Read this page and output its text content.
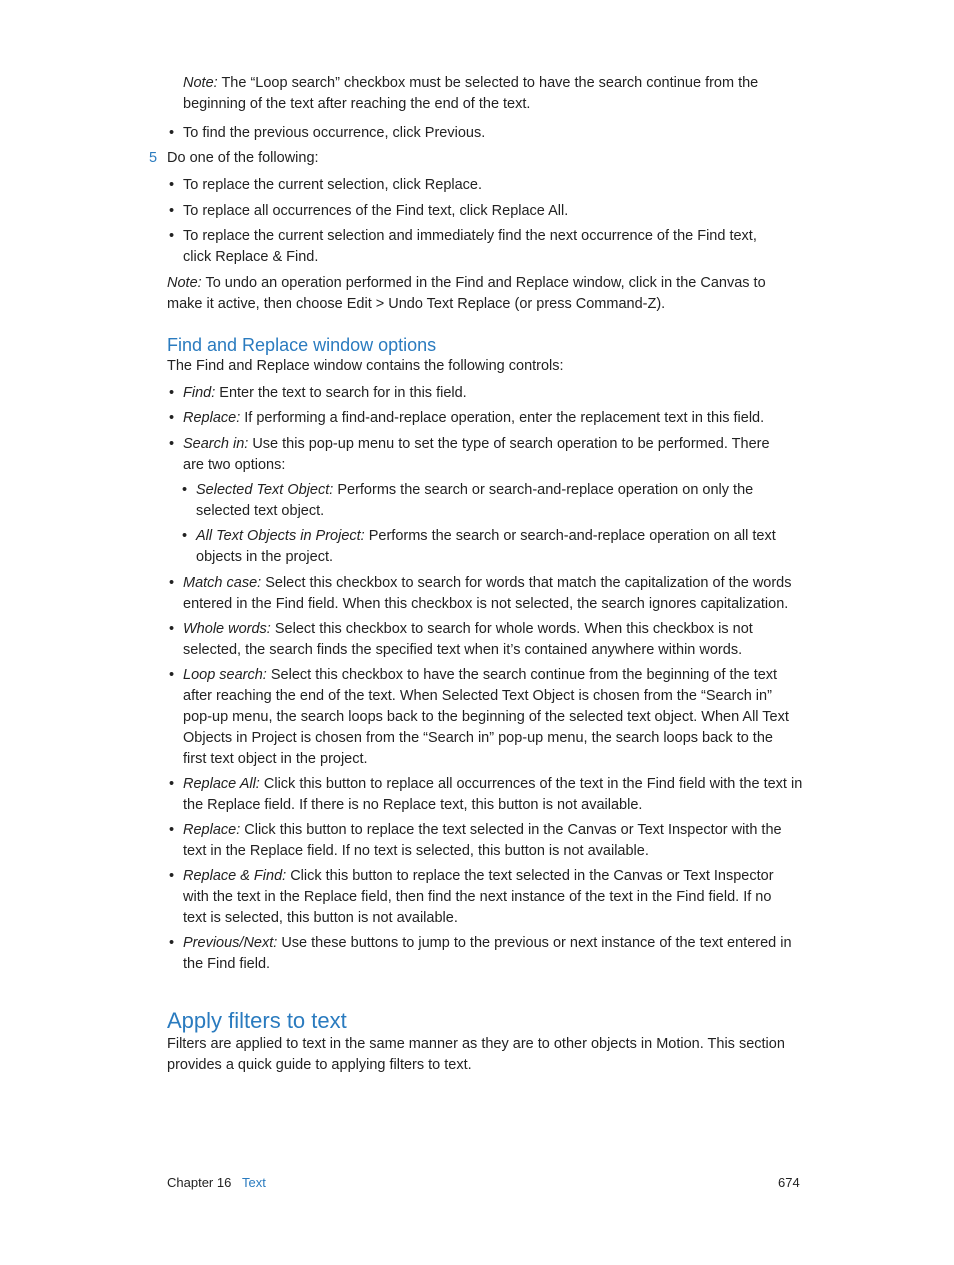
Note: The “Loop search” checkbox must be selected to have the search continue from the beginning of the text after reaching the end of the text.
• To find the previous occurrence, click Previous.
5 Do one of the following:
• To replace the current selection, click Replace.
• To replace all occurrences of the Find text, click Replace All.
• To replace the current selection and immediately find the next occurrence of the Find text, click Replace & Find.
Note: To undo an operation performed in the Find and Replace window, click in the Canvas to make it active, then choose Edit > Undo Text Replace (or press Command-Z).
Find and Replace window options
The Find and Replace window contains the following controls:
• Find: Enter the text to search for in this field.
• Replace: If performing a find-and-replace operation, enter the replacement text in this field.
• Search in: Use this pop-up menu to set the type of search operation to be performed. There are two options:
• Selected Text Object: Performs the search or search-and-replace operation on only the selected text object.
• All Text Objects in Project: Performs the search or search-and-replace operation on all text objects in the project.
• Match case: Select this checkbox to search for words that match the capitalization of the words entered in the Find field. When this checkbox is not selected, the search ignores capitalization.
• Whole words: Select this checkbox to search for whole words. When this checkbox is not selected, the search finds the specified text when it’s contained anywhere within words.
• Loop search: Select this checkbox to have the search continue from the beginning of the text after reaching the end of the text. When Selected Text Object is chosen from the “Search in” pop-up menu, the search loops back to the beginning of the selected text object. When All Text Objects in Project is chosen from the “Search in” pop-up menu, the search loops back to the first text object in the project.
• Replace All: Click this button to replace all occurrences of the text in the Find field with the text in the Replace field. If there is no Replace text, this button is not available.
• Replace: Click this button to replace the text selected in the Canvas or Text Inspector with the text in the Replace field. If no text is selected, this button is not available.
• Replace & Find: Click this button to replace the text selected in the Canvas or Text Inspector with the text in the Replace field, then find the next instance of the text in the Find field. If no text is selected, this button is not available.
• Previous/Next: Use these buttons to jump to the previous or next instance of the text entered in the Find field.
Apply filters to text
Filters are applied to text in the same manner as they are to other objects in Motion. This section provides a quick guide to applying filters to text.
Chapter 16 Text	674
